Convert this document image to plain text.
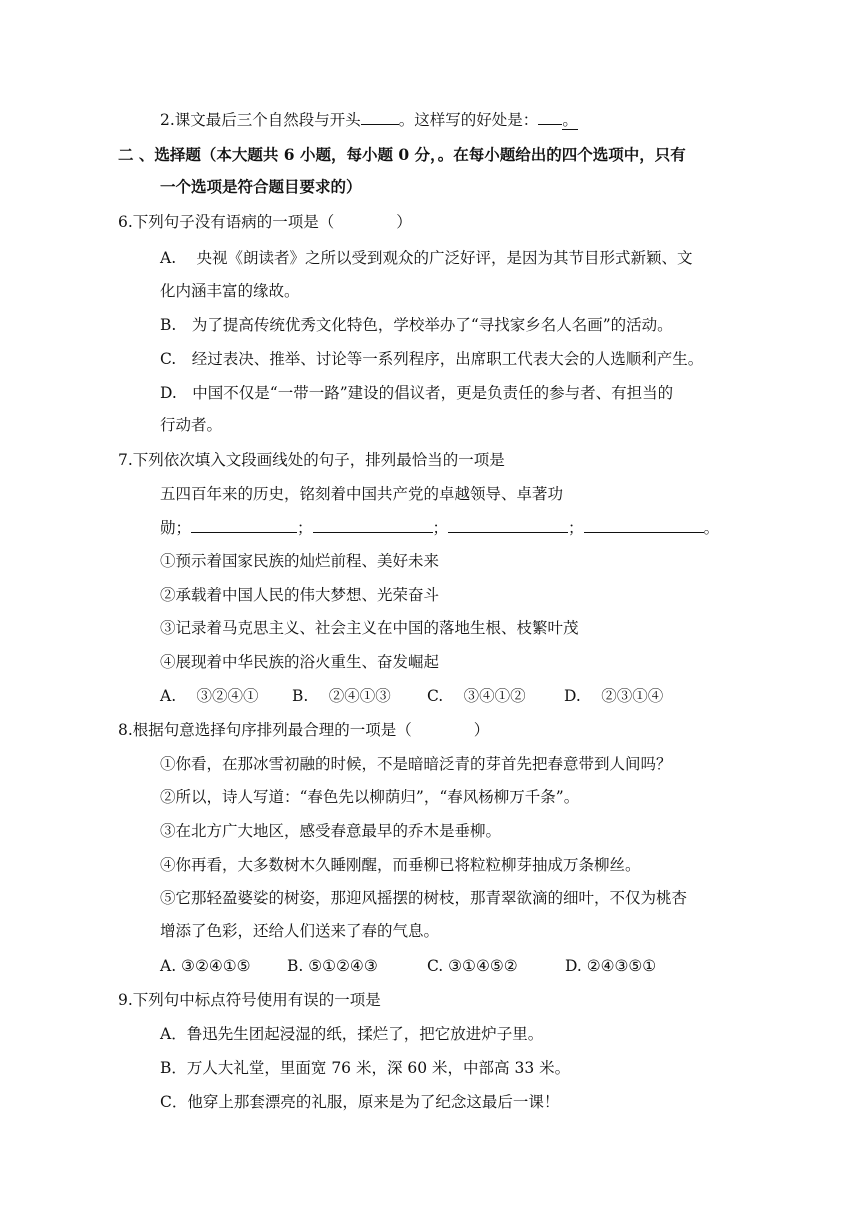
2.课文最后三个自然段与开头 。这样写的好处是： 。
二 、选择题（本大题共 6 小题，每小题 0 分，。在每小题给出的四个选项中，只有
一个选项是符合题目要求的）
6.下列句子没有语病的一项是（　　　　）
A.　 央视《朗读者》之所以受到观众的广泛好评，是因为其节目形式新颖、文
化内涵丰富的缘故。
B.　为了提高传统优秀文化特色，学校举办了“寻找家乡名人名画”的活动。
C.　经过表决、推举、讨论等一系列程序，出席职工代表大会的人选顺利产生。
D.　中国不仅是“一带一路”建设的倡议者，更是负责任的参与者、有担当的
行动者。
7.下列依次填入文段画线处的句子，排列最恰当的一项是
五四百年来的历史，铭刻着中国共产党的卓越领导、卓著功
勋；	；	；	；	。
①预示着国家民族的灿烂前程、美好未来
②承载着中国人民的伟大梦想、光荣奋斗
③记录着马克思主义、社会主义在中国的落地生根、枝繁叶茂
④展现着中华民族的浴火重生、奋发崛起
A.　 ③②④① B.　 ②④①③ C.　 ③④①② D.　 ②③①④
8.根据句意选择句序排列最合理的一项是（　　　　）
①你看，在那冰雪初融的时候，不是暗暗泛青的芽首先把春意带到人间吗？
②所以，诗人写道：“春色先以柳荫归”，“春风杨柳万千条”。
③在北方广大地区，感受春意最早的乔木是垂柳。
④你再看，大多数树木久睡刚醒，而垂柳已将粒粒柳芽抽成万条柳丝。
⑤它那轻盈婆娑的树姿，那迎风摇摆的树枝，那青翠欲滴的细叶，不仅为桃杏
增添了色彩，还给人们送来了春的气息。
A. ③②④①⑤ B. ⑤①②④③	C. ③①④⑤②	D. ②④③⑤①
9.下列句中标点符号使用有误的一项是
A．鲁迅先生团起浸湿的纸，揉烂了，把它放进炉子里。
B．万人大礼堂，里面宽 76 米，深 60 米，中部高 33 米。
C．他穿上那套漂亮的礼服，原来是为了纪念这最后一课！
